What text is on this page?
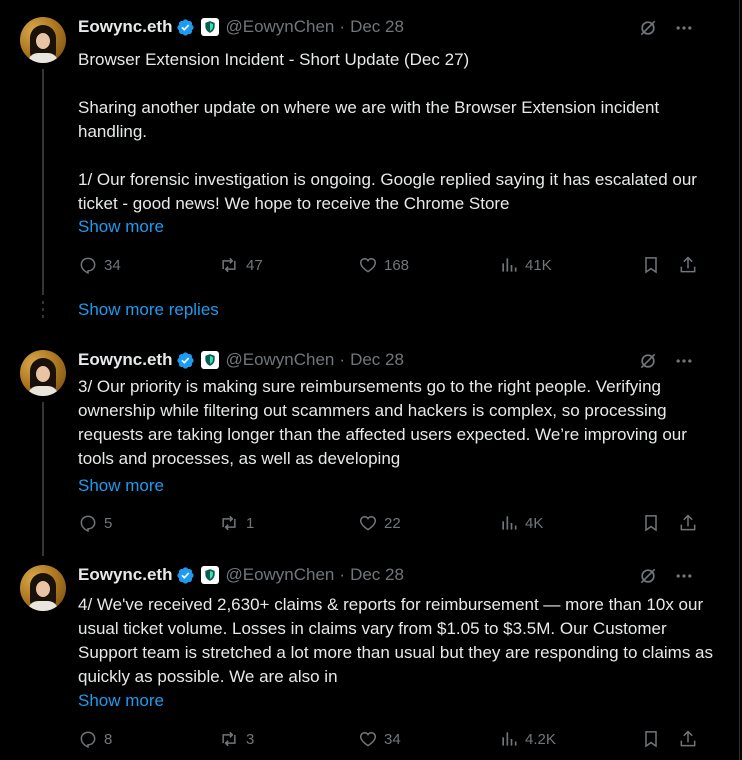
Eowync.eth	@EowynChen · Dec 28
Browser Extension Incident - Short Update (Dec 27)

Sharing another update on where we are with the Browser Extension incident handling.

1/ Our forensic investigation is ongoing. Google replied saying it has escalated our ticket - good news! We hope to receive the Chrome Store
Show more
34	47	168	41K
Show more replies
Eowync.eth	@EowynChen · Dec 28
3/ Our priority is making sure reimbursements go to the right people. Verifying ownership while filtering out scammers and hackers is complex, so processing requests are taking longer than the affected users expected. We’re improving our tools and processes, as well as developing
Show more
5	1	22	4K
Eowync.eth	@EowynChen · Dec 28
4/ We've received 2,630+ claims & reports for reimbursement — more than 10x our usual ticket volume. Losses in claims vary from $1.05 to $3.5M. Our Customer Support team is stretched a lot more than usual but they are responding to claims as quickly as possible. We are also in
Show more
8	3	34	4.2K
